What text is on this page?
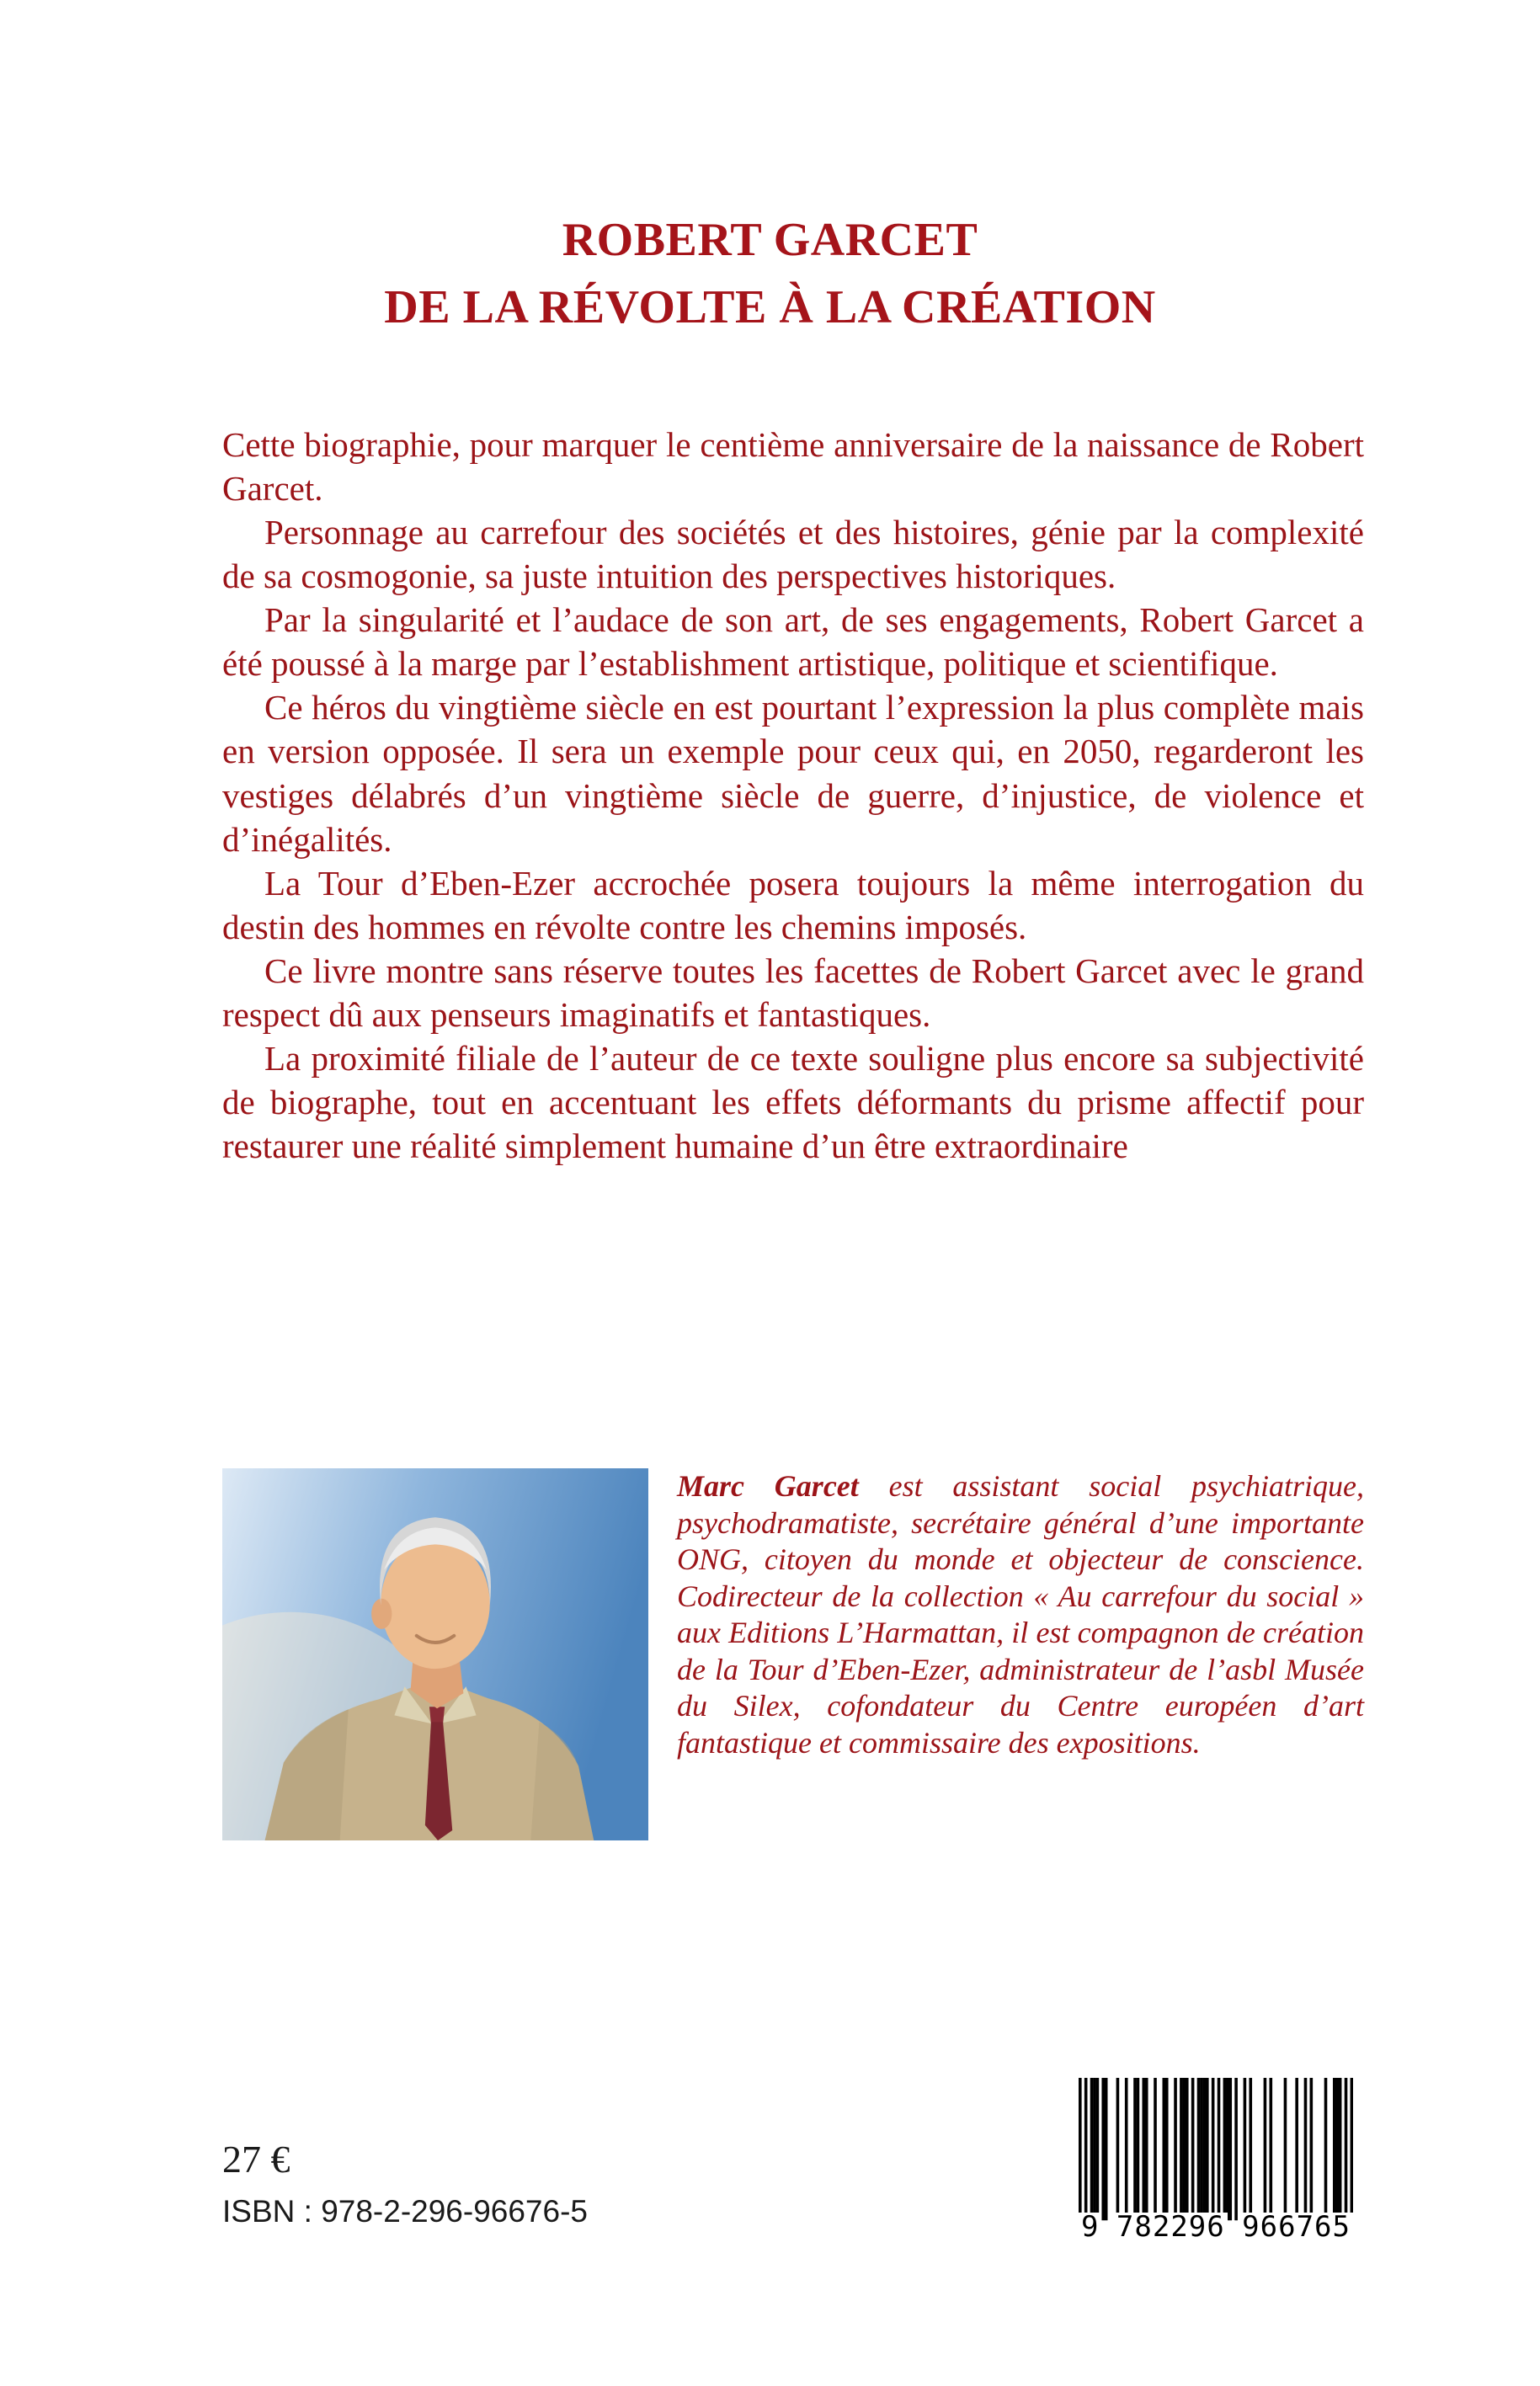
ROBERT GARCET
DE LA RÉVOLTE À LA CRÉATION

Cette biographie, pour marquer le centième anniversaire de la naissance de Robert Garcet.

Personnage au carrefour des sociétés et des histoires, génie par la complexité de sa cosmogonie, sa juste intuition des perspectives historiques.

Par la singularité et l’audace de son art, de ses engagements, Robert Garcet a été poussé à la marge par l’establishment artistique, politique et scientifique.

Ce héros du vingtième siècle en est pourtant l’expression la plus complète mais en version opposée. Il sera un exemple pour ceux qui, en 2050, regarderont les vestiges délabrés d’un vingtième siècle de guerre, d’injustice, de violence et d’inégalités.

La Tour d’Eben-Ezer accrochée posera toujours la même interrogation du destin des hommes en révolte contre les chemins imposés.

Ce livre montre sans réserve toutes les facettes de Robert Garcet avec le grand respect dû aux penseurs imaginatifs et fantastiques.

La proximité filiale de l’auteur de ce texte souligne plus encore sa subjectivité de biographe, tout en accentuant les effets déformants du prisme affectif pour restaurer une réalité simplement humaine d’un être extraordinaire

Marc Garcet est assistant social psychiatrique, psychodramatiste, secrétaire général d’une importante ONG, citoyen du monde et objecteur de conscience. Codirecteur de la collection « Au carrefour du social » aux Editions L’Harmattan, il est compagnon de création de la Tour d’Eben-Ezer, administrateur de l’asbl Musée du Silex, cofondateur du Centre européen d’art fantastique et commissaire des expositions.
27 €
ISBN : 978-2-296-96676-5	9 782296 966765
